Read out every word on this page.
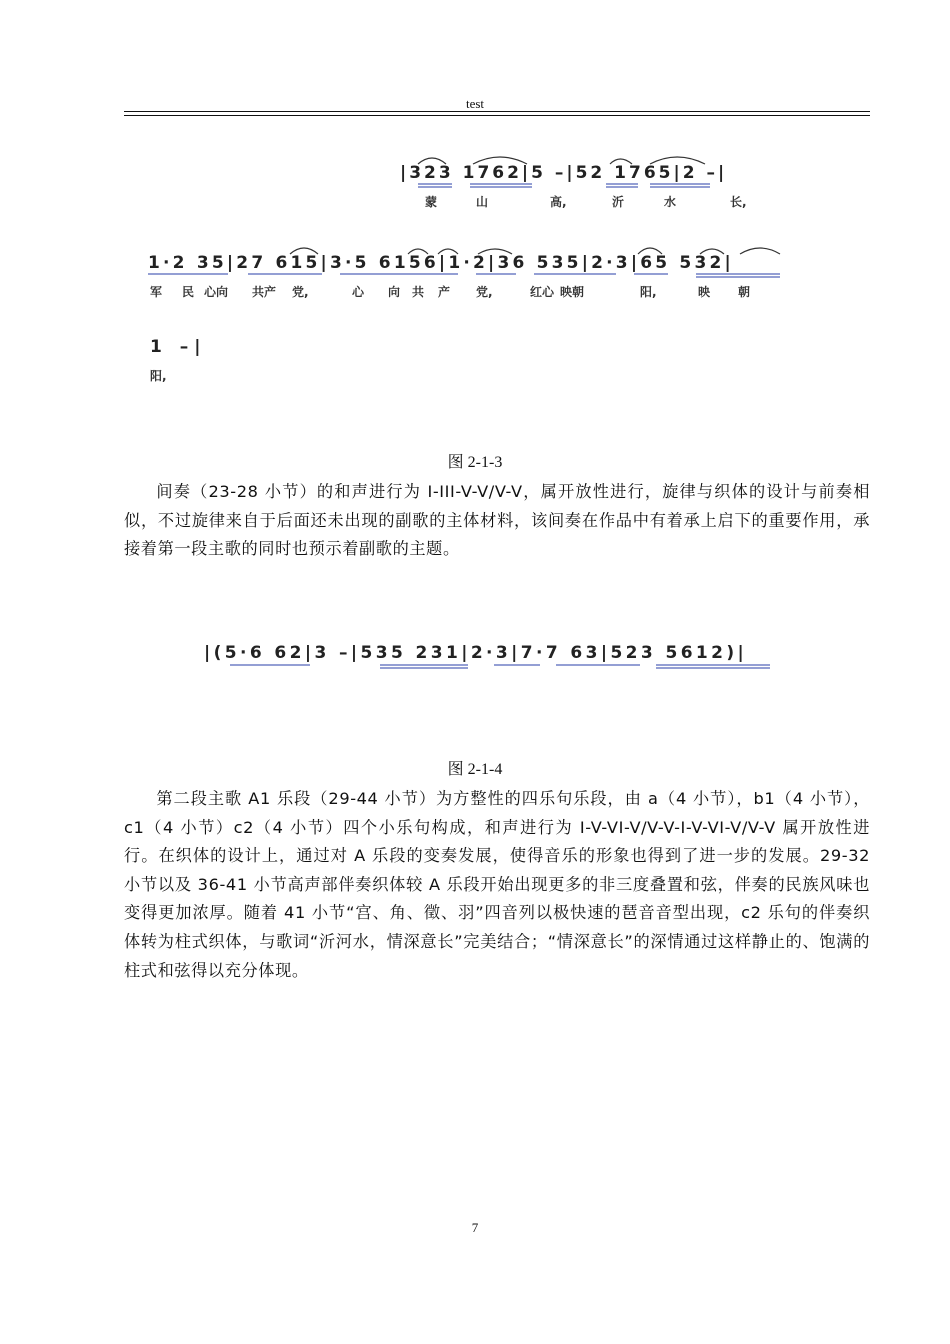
test
|323 1762|5 –|52 1765|2 –|
蒙	山	高,	沂	水	长,
1·2 35|27 615|3·5 6156|1·2|36 535|2·3|65 532|
军 民 心向 共产 党,	心 向 共 产 党,	红心 映朝	阳,	映 朝
1 –|
阳,
图 2-1-3
间奏（23-28 小节）的和声进行为 I-III-V-V/V-V，属开放性进行，旋律与织体的设计与前奏相似，不过旋律来自于后面还未出现的副歌的主体材料，该间奏在作品中有着承上启下的重要作用，承接着第一段主歌的同时也预示着副歌的主题。
|(5·6 62|3 –|535 231|2·3|7·7 63|523 5612)|
图 2-1-4
第二段主歌 A1 乐段（29-44 小节）为方整性的四乐句乐段，由 a（4 小节），b1（4 小节），c1（4 小节）c2（4 小节）四个小乐句构成，和声进行为 I-V-VI-V/V-V-I-V-VI-V/V-V 属开放性进行。在织体的设计上，通过对 A 乐段的变奏发展，使得音乐的形象也得到了进一步的发展。29-32 小节以及 36-41 小节高声部伴奏织体较 A 乐段开始出现更多的非三度叠置和弦，伴奏的民族风味也变得更加浓厚。随着 41 小节“宫、角、徵、羽”四音列以极快速的琶音音型出现，c2 乐句的伴奏织体转为柱式织体，与歌词“沂河水，情深意长”完美结合；“情深意长”的深情通过这样静止的、饱满的柱式和弦得以充分体现。
7
